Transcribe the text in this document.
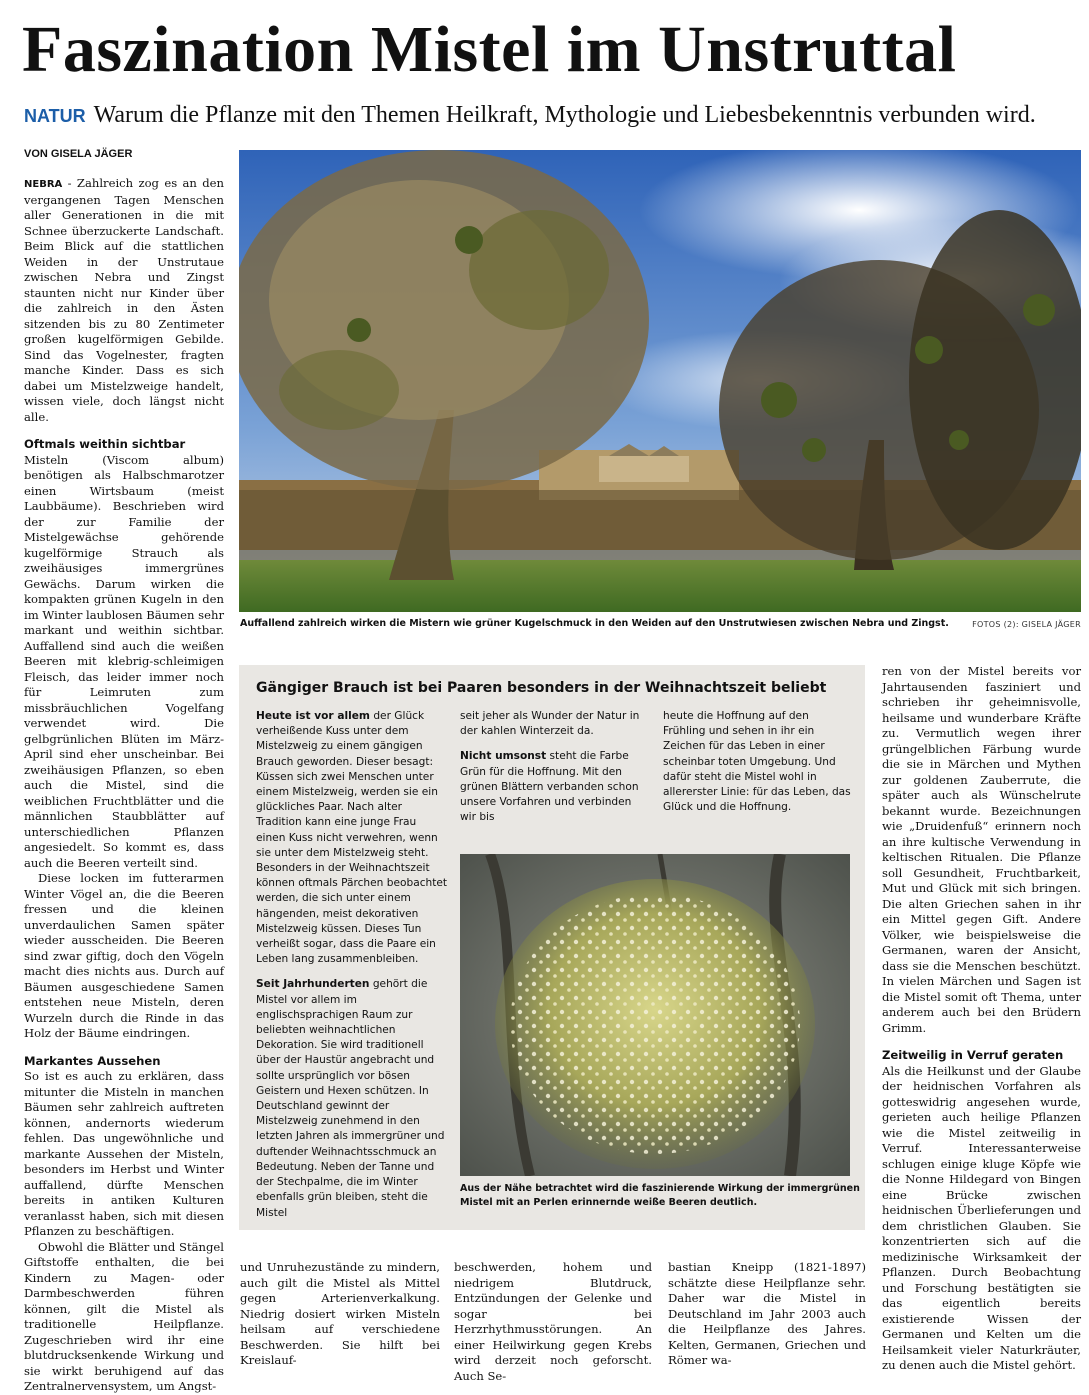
Faszination Mistel im Unstruttal
NATUR Warum die Pflanze mit den Themen Heilkraft, Mythologie und Liebesbekenntnis verbunden wird.
VON GISELA JÄGER

NEBRA - Zahlreich zog es an den vergangenen Tagen Menschen aller Generationen in die mit Schnee überzuckerte Landschaft. Beim Blick auf die stattlichen Weiden in der Unstrutaue zwischen Nebra und Zingst staunten nicht nur Kinder über die zahlreich in den Ästen sitzenden bis zu 80 Zentimeter großen kugelförmigen Gebilde. Sind das Vogelnester, fragten manche Kinder. Dass es sich dabei um Mistelzweige handelt, wissen viele, doch längst nicht alle.

Oftmals weithin sichtbar

Misteln (Viscom album) benötigen als Halbschmarotzer einen Wirtsbaum (meist Laubbäume). Beschrieben wird der zur Familie der Mistelgewächse gehörende kugelförmige Strauch als zweihäusiges immergrünes Gewächs. Darum wirken die kompakten grünen Kugeln in den im Winter laublosen Bäumen sehr markant und weithin sichtbar. Auffallend sind auch die weißen Beeren mit klebrig-schleimigen Fleisch, das leider immer noch für Leimruten zum missbräuchlichen Vogelfang verwendet wird. Die gelbgrünlichen Blüten im März-April sind eher unscheinbar. Bei zweihäusigen Pflanzen, so eben auch die Mistel, sind die weiblichen Fruchtblätter und die männlichen Staubblätter auf unterschiedlichen Pflanzen angesiedelt. So kommt es, dass auch die Beeren verteilt sind.

Diese locken im futterarmen Winter Vögel an, die die Beeren fressen und die kleinen unverdaulichen Samen später wieder ausscheiden. Die Beeren sind zwar giftig, doch den Vögeln macht dies nichts aus. Durch auf Bäumen ausgeschiedene Samen entstehen neue Misteln, deren Wurzeln durch die Rinde in das Holz der Bäume eindringen.

Markantes Aussehen

So ist es auch zu erklären, dass mitunter die Misteln in manchen Bäumen sehr zahlreich auftreten können, andernorts wiederum fehlen. Das ungewöhnliche und markante Aussehen der Misteln, besonders im Herbst und Winter auffallend, dürfte Menschen bereits in antiken Kulturen veranlasst haben, sich mit diesen Pflanzen zu beschäftigen.

Obwohl die Blätter und Stängel Giftstoffe enthalten, die bei Kindern zu Magen- oder Darmbeschwerden führen können, gilt die Mistel als traditionelle Heilpflanze. Zugeschrieben wird ihr eine blutdrucksenkende Wirkung und sie wirkt beruhigend auf das Zentralnervensystem, um Angst-

Auffallend zahlreich wirken die Mistern wie grüner Kugelschmuck in den Weiden auf den Unstrutwiesen zwischen Nebra und Zingst.	FOTOS (2): GISELA JÄGER
Gängiger Brauch ist bei Paaren besonders in der Weihnachtszeit beliebt

Heute ist vor allem der Glück verheißende Kuss unter dem Mistelzweig zu einem gängigen Brauch geworden. Dieser besagt: Küssen sich zwei Menschen unter einem Mistelzweig, werden sie ein glückliches Paar. Nach alter Tradition kann eine junge Frau einen Kuss nicht verwehren, wenn sie unter dem Mistelzweig steht. Besonders in der Weihnachtszeit können oftmals Pärchen beobachtet werden, die sich unter einem hängenden, meist dekorativen Mistelzweig küssen. Dieses Tun verheißt sogar, dass die Paare ein Leben lang zusammenbleiben.

Seit Jahrhunderten gehört die Mistel vor allem im englischsprachigen Raum zur beliebten weihnachtlichen Dekoration. Sie wird traditionell über der Haustür angebracht und sollte ursprünglich vor bösen Geistern und Hexen schützen. In Deutschland gewinnt der Mistelzweig zunehmend in den letzten Jahren als immergrüner und duftender Weihnachtsschmuck an Bedeutung. Neben der Tanne und der Stechpalme, die im Winter ebenfalls grün bleiben, steht die Mistel

seit jeher als Wunder der Natur in der kahlen Winterzeit da.

Nicht umsonst steht die Farbe Grün für die Hoffnung. Mit den grünen Blättern verbanden schon unsere Vorfahren und verbinden wir bis

heute die Hoffnung auf den Frühling und sehen in ihr ein Zeichen für das Leben in einer scheinbar toten Umgebung. Und dafür steht die Mistel wohl in allererster Linie: für das Leben, das Glück und die Hoffnung.

Aus der Nähe betrachtet wird die faszinierende Wirkung der immergrünen Mistel mit an Perlen erinnernde weiße Beeren deutlich.

ren von der Mistel bereits vor Jahrtausenden fasziniert und schrieben ihr geheimnisvolle, heilsame und wunderbare Kräfte zu. Vermutlich wegen ihrer grüngelblichen Färbung wurde die sie in Märchen und Mythen zur goldenen Zauberrute, die später auch als Wünschelrute bekannt wurde. Bezeichnungen wie „Druidenfuß“ erinnern noch an ihre kultische Verwendung in keltischen Ritualen. Die Pflanze soll Gesundheit, Fruchtbarkeit, Mut und Glück mit sich bringen. Die alten Griechen sahen in ihr ein Mittel gegen Gift. Andere Völker, wie beispielsweise die Germanen, waren der Ansicht, dass sie die Menschen beschützt. In vielen Märchen und Sagen ist die Mistel somit oft Thema, unter anderem auch bei den Brüdern Grimm.

Zeitweilig in Verruf geraten

Als die Heilkunst und der Glaube der heidnischen Vorfahren als gotteswidrig angesehen wurde, gerieten auch heilige Pflanzen wie die Mistel zeitweilig in Verruf. Interessanterweise schlugen einige kluge Köpfe wie die Nonne Hildegard von Bingen eine Brücke zwischen heidnischen Überlieferungen und dem christlichen Glauben. Sie konzentrierten sich auf die medizinische Wirksamkeit der Pflanzen. Durch Beobachtung und Forschung bestätigten sie das eigentlich bereits existierende Wissen der Germanen und Kelten um die Heilsamkeit vieler Naturkräuter, zu denen auch die Mistel gehört.

und Unruhezustände zu mindern, auch gilt die Mistel als Mittel gegen Arterienverkalkung. Niedrig dosiert wirken Misteln heilsam auf verschiedene Beschwerden. Sie hilft bei Kreislauf-

beschwerden, hohem und niedrigem Blutdruck, Entzündungen der Gelenke und sogar bei Herzrhythmusstörungen. An einer Heilwirkung gegen Krebs wird derzeit noch geforscht. Auch Se-

bastian Kneipp (1821-1897) schätzte diese Heilpflanze sehr. Daher war die Mistel in Deutschland im Jahr 2003 auch die Heilpflanze des Jahres. Kelten, Germanen, Griechen und Römer wa-
